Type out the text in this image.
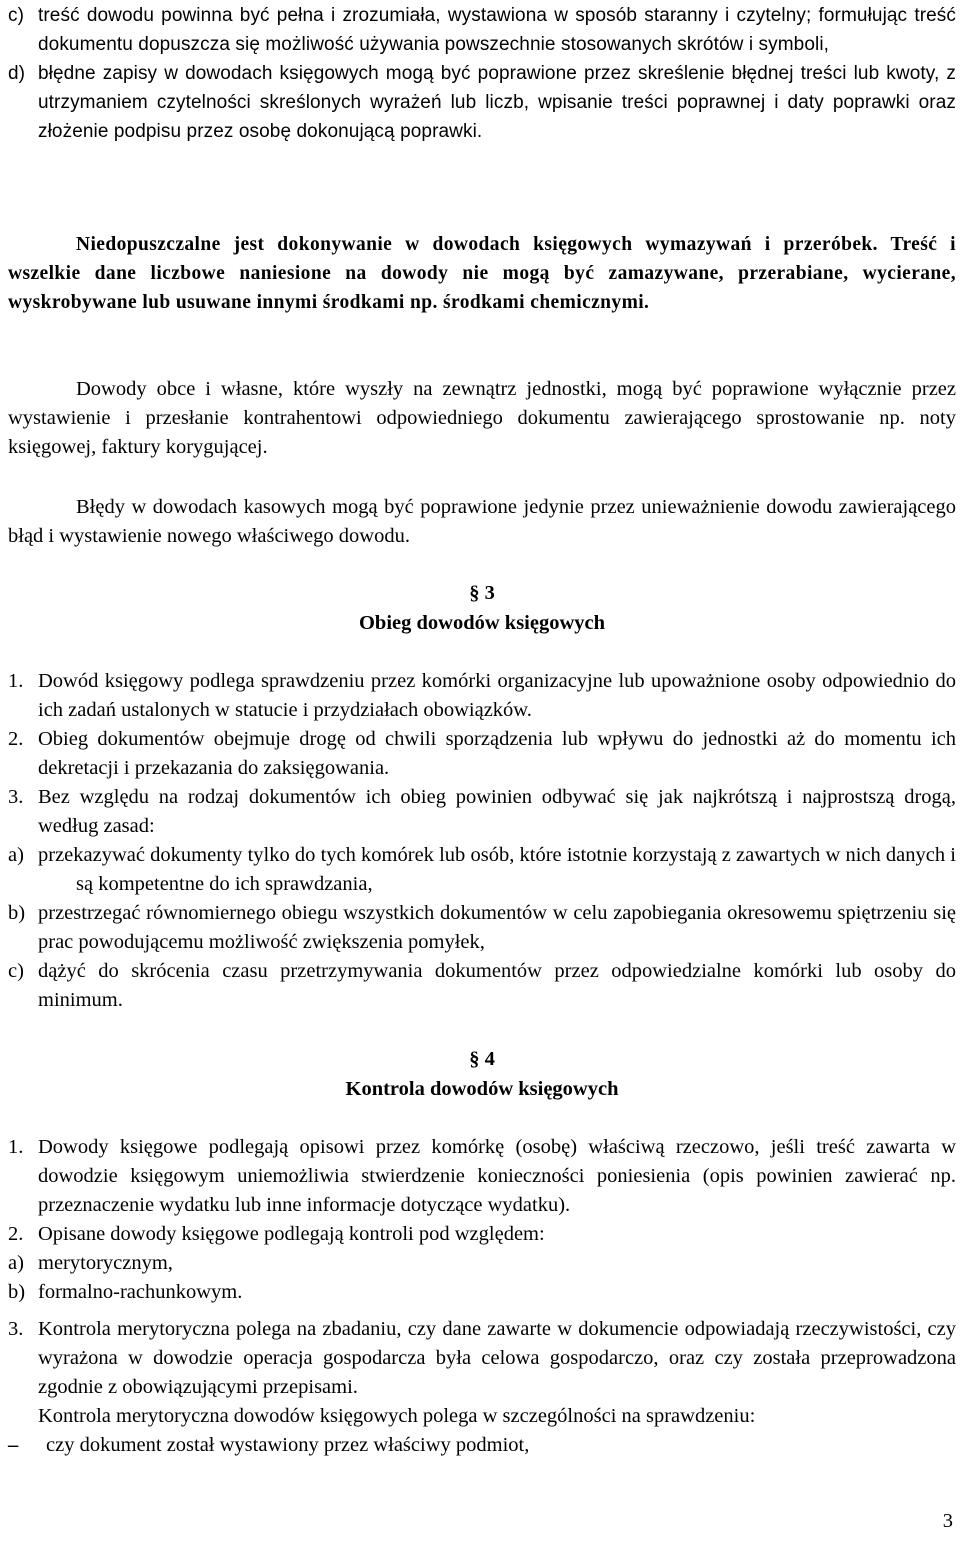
c) treść dowodu powinna być pełna i zrozumiała, wystawiona w sposób staranny i czytelny; formułując treść dokumentu dopuszcza się możliwość używania powszechnie stosowanych skrótów i symboli,
d) błędne zapisy w dowodach księgowych mogą być poprawione przez skreślenie błędnej treści lub kwoty, z utrzymaniem czytelności skreślonych wyrażeń lub liczb, wpisanie treści poprawnej i daty poprawki oraz złożenie podpisu przez osobę dokonującą poprawki.

Niedopuszczalne jest dokonywanie w dowodach księgowych wymazywań i przeróbek. Treść i wszelkie dane liczbowe naniesione na dowody nie mogą być zamazywane, przerabiane, wycierane, wyskrobywane lub usuwane innymi środkami np. środkami chemicznymi.

Dowody obce i własne, które wyszły na zewnątrz jednostki, mogą być poprawione wyłącznie przez wystawienie i przesłanie kontrahentowi odpowiedniego dokumentu zawierającego sprostowanie np. noty księgowej, faktury korygującej.

Błędy w dowodach kasowych mogą być poprawione jedynie przez unieważnienie dowodu zawierającego błąd i wystawienie nowego właściwego dowodu.

§ 3
Obieg dowodów księgowych
1. Dowód księgowy podlega sprawdzeniu przez komórki organizacyjne lub upoważnione osoby odpowiednio do ich zadań ustalonych w statucie i przydziałach obowiązków.
2. Obieg dokumentów obejmuje drogę od chwili sporządzenia lub wpływu do jednostki aż do momentu ich dekretacji i przekazania do zaksięgowania.
3. Bez względu na rodzaj dokumentów ich obieg powinien odbywać się jak najkrótszą i najprostszą drogą, według zasad:
a) przekazywać dokumenty tylko do tych komórek lub osób, które istotnie korzystają z zawartych w nich danych i są kompetentne do ich sprawdzania,
b) przestrzegać równomiernego obiegu wszystkich dokumentów w celu zapobiegania okresowemu spiętrzeniu się prac powodującemu możliwość zwiększenia pomyłek,
c) dążyć do skrócenia czasu przetrzymywania dokumentów przez odpowiedzialne komórki lub osoby do minimum.
§ 4
Kontrola dowodów księgowych
1. Dowody księgowe podlegają opisowi przez komórkę (osobę) właściwą rzeczowo, jeśli treść zawarta w dowodzie księgowym uniemożliwia stwierdzenie konieczności poniesienia (opis powinien zawierać np. przeznaczenie wydatku lub inne informacje dotyczące wydatku).
2. Opisane dowody księgowe podlegają kontroli pod względem:
a) merytorycznym,
b) formalno-rachunkowym.
3. Kontrola merytoryczna polega na zbadaniu, czy dane zawarte w dokumencie odpowiadają rzeczywistości, czy wyrażona w dowodzie operacja gospodarcza była celowa gospodarczo, oraz czy została przeprowadzona zgodnie z obowiązującymi przepisami.
Kontrola merytoryczna dowodów księgowych polega w szczególności na sprawdzeniu:
–	czy dokument został wystawiony przez właściwy podmiot,
3
